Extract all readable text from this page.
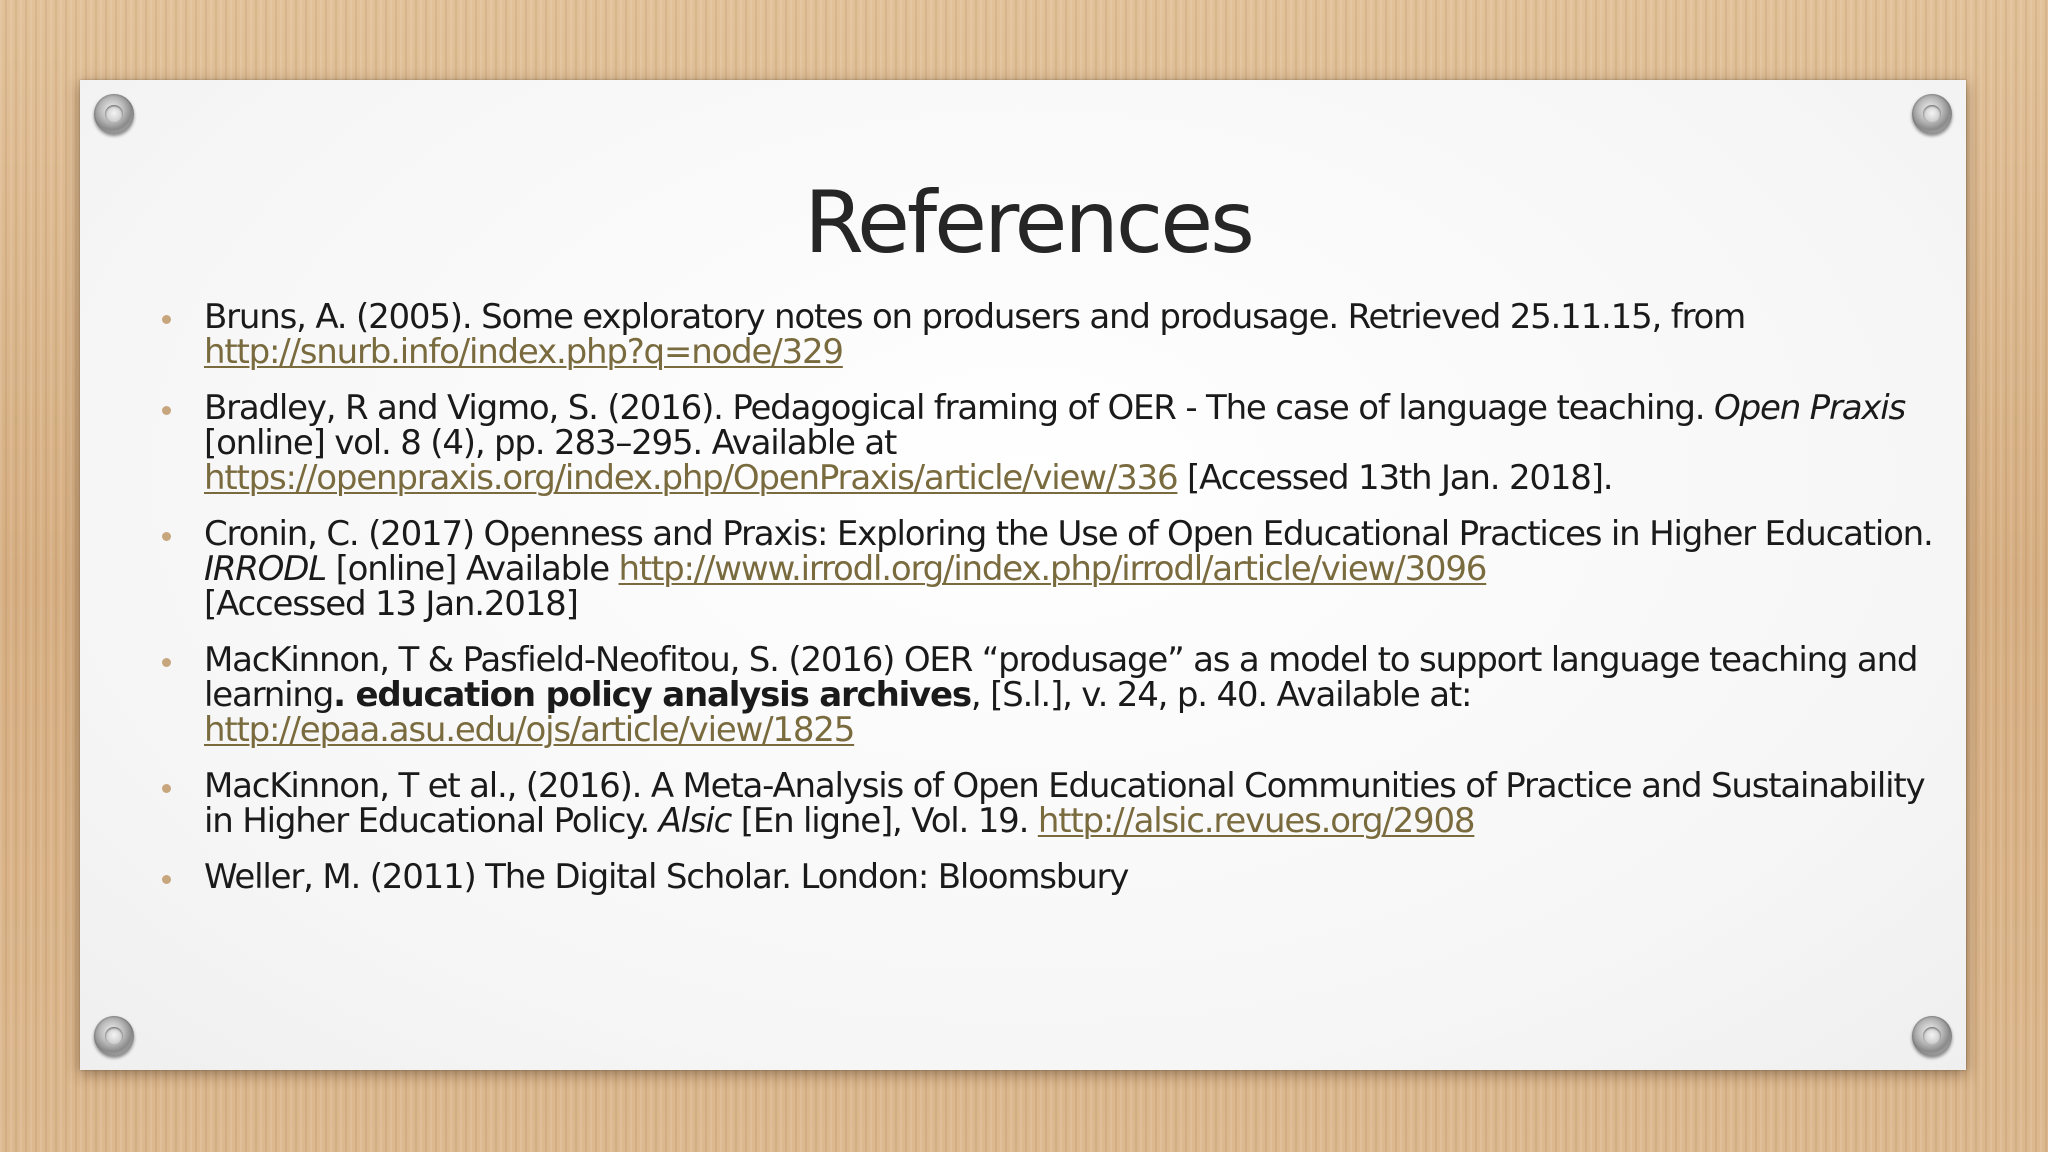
References
Bruns, A. (2005). Some exploratory notes on produsers and produsage. Retrieved 25.11.15, from http://snurb.info/index.php?q=node/329
Bradley, R and Vigmo, S. (2016). Pedagogical framing of OER - The case of language teaching. Open Praxis [online] vol. 8 (4), pp. 283–295. Available at
https://openpraxis.org/index.php/OpenPraxis/article/view/336 [Accessed 13th Jan. 2018].
Cronin, C. (2017) Openness and Praxis: Exploring the Use of Open Educational Practices in Higher Education. IRRODL [online] Available http://www.irrodl.org/index.php/irrodl/article/view/3096
[Accessed 13 Jan.2018]
MacKinnon, T & Pasfield-Neofitou, S. (2016) OER “produsage” as a model to support language teaching and learning. education policy analysis archives, [S.l.], v. 24, p. 40. Available at:
http://epaa.asu.edu/ojs/article/view/1825
MacKinnon, T et al., (2016). A Meta-Analysis of Open Educational Communities of Practice and Sustainability in Higher Educational Policy. Alsic [En ligne], Vol. 19. http://alsic.revues.org/2908
Weller, M. (2011) The Digital Scholar. London: Bloomsbury
